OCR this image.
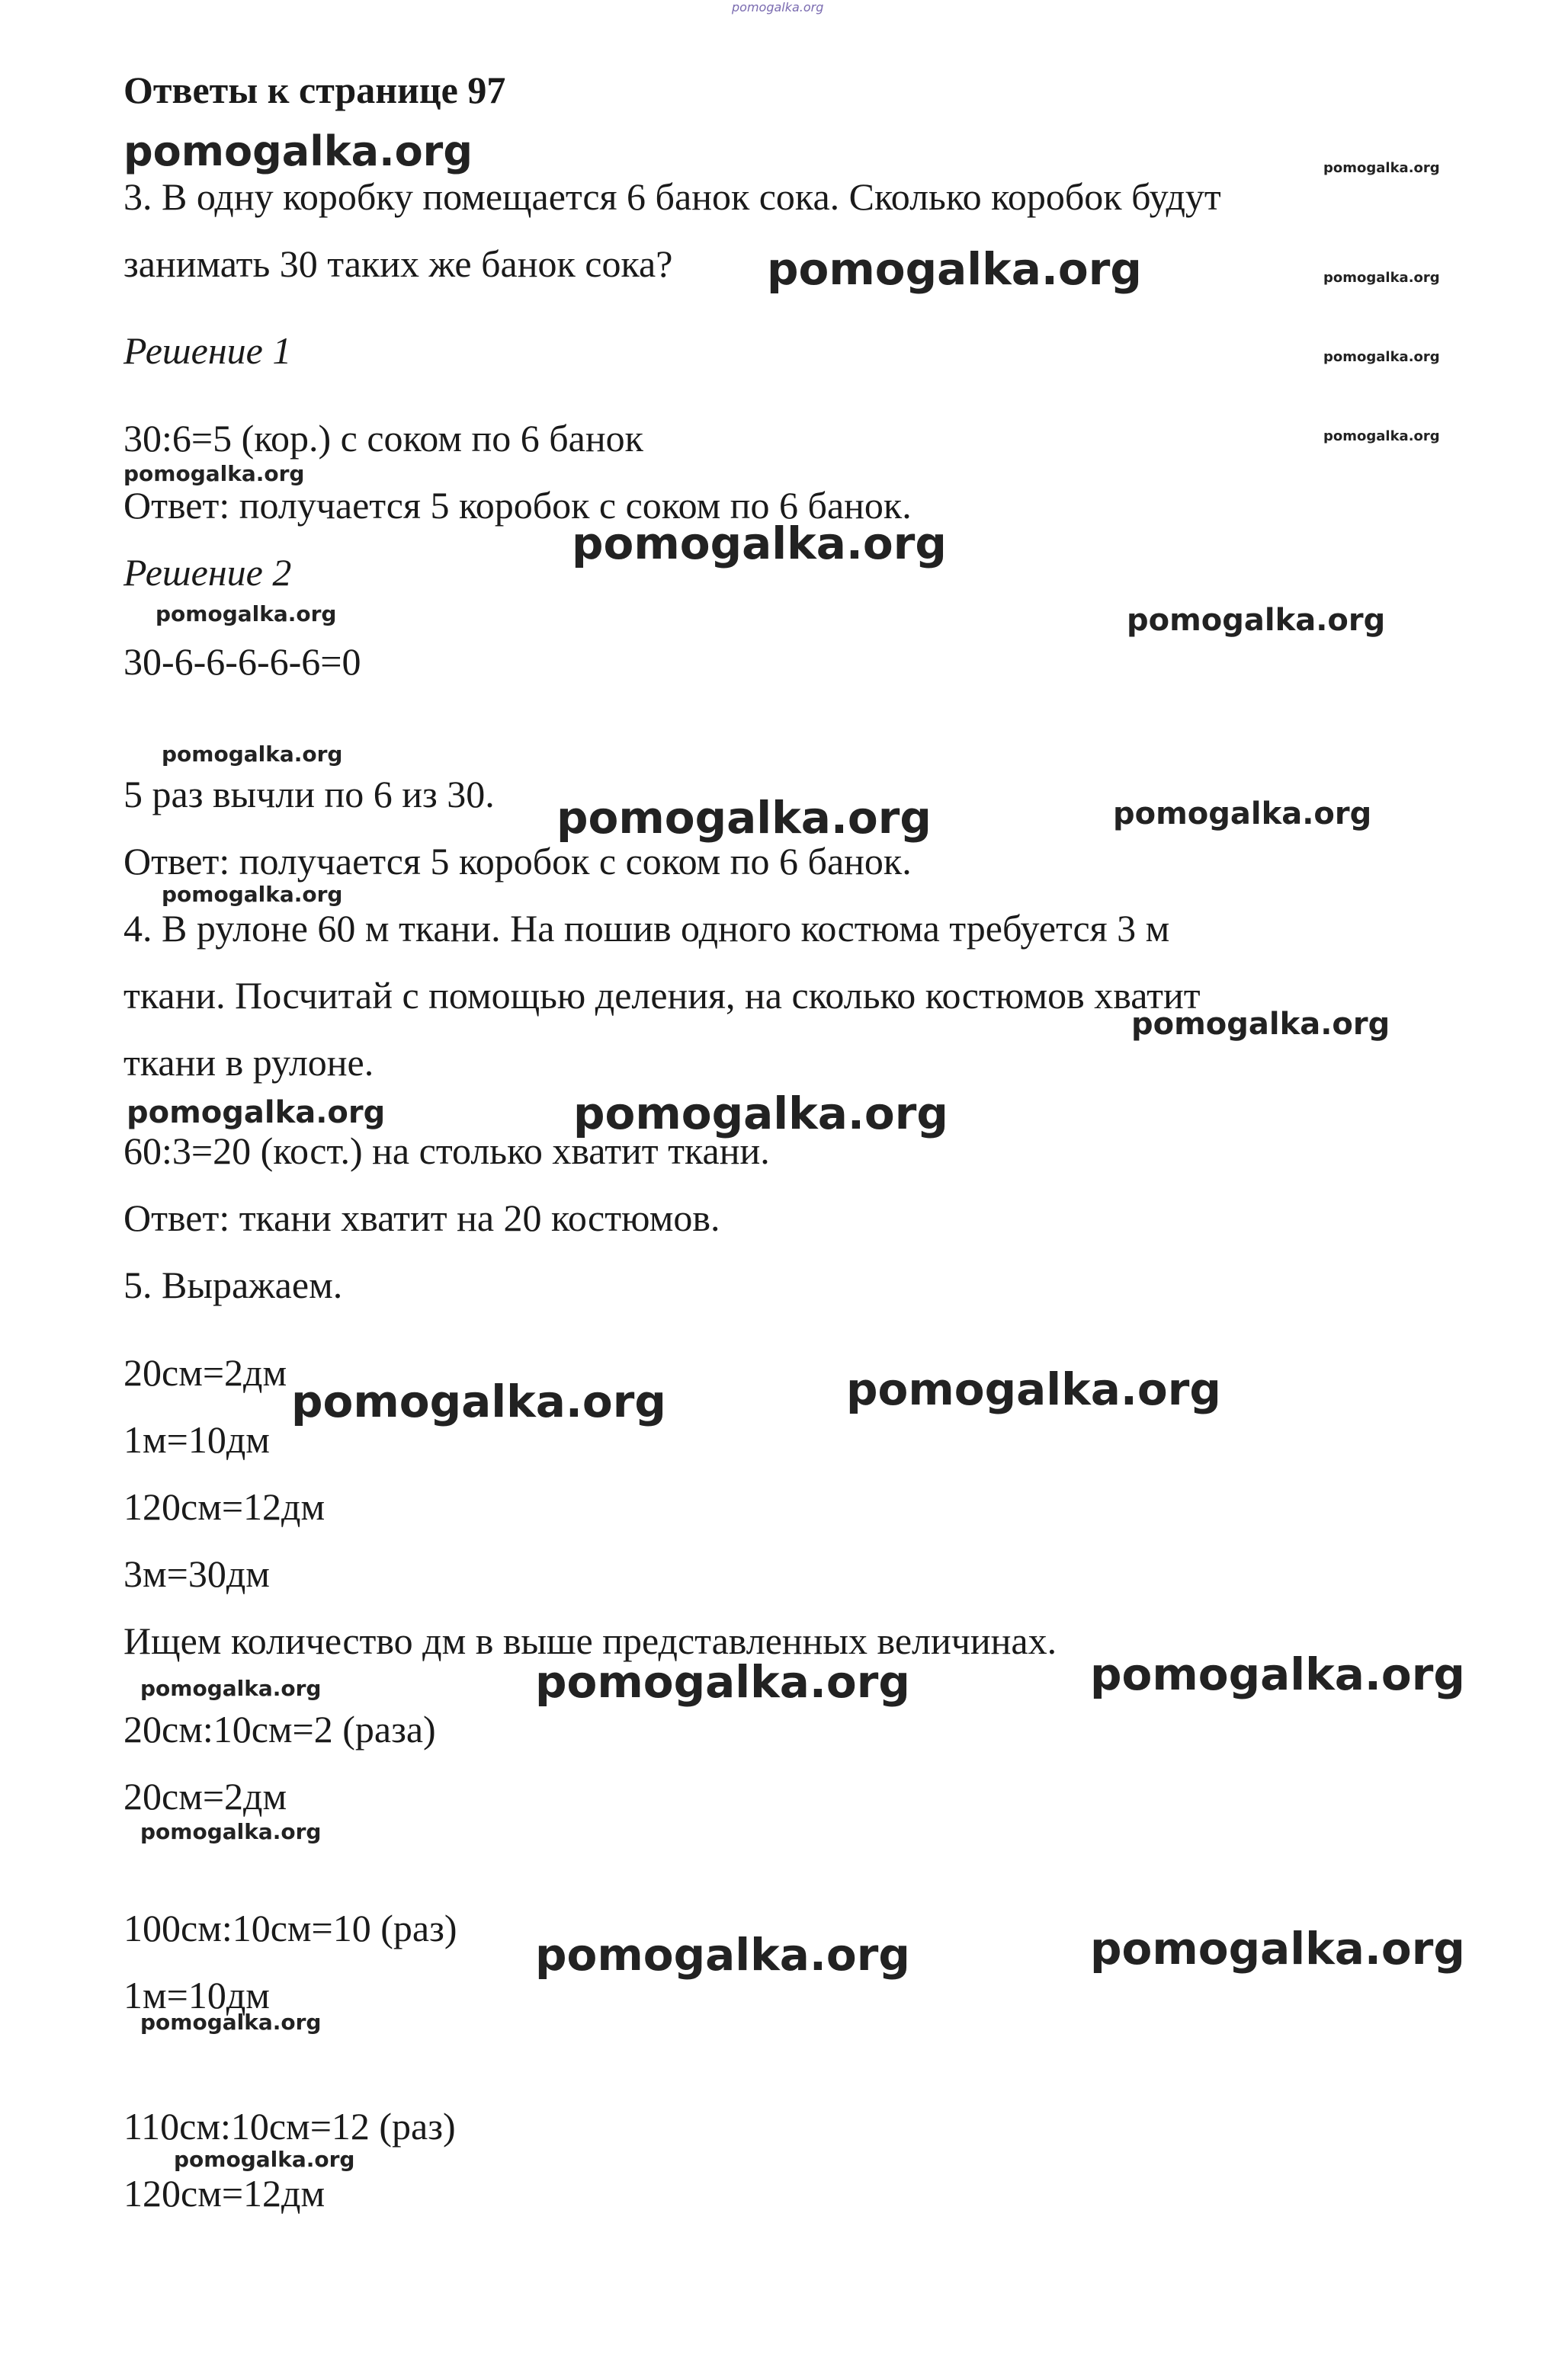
pomogalka.org
Ответы к странице 97
pomogalka.org
3. В одну коробку помещается 6 банок сока. Сколько коробок будут
занимать 30 таких же банок сока?
Решение 1
30:6=5 (кор.) с соком по 6 банок
Ответ: получается 5 коробок с соком по 6 банок.
Решение 2
30-6-6-6-6-6=0
5 раз вычли по 6 из 30.
Ответ: получается 5 коробок с соком по 6 банок.
4. В рулоне 60 м ткани. На пошив одного костюма требуется 3 м
ткани. Посчитай с помощью деления, на сколько костюмов хватит
ткани в рулоне.
60:3=20 (кост.) на столько хватит ткани.
Ответ: ткани хватит на 20 костюмов.
5. Выражаем.
20см=2дм
1м=10дм
120см=12дм
3м=30дм
Ищем количество дм в выше представленных величинах.
20см:10см=2 (раза)
20см=2дм
100см:10см=10 (раз)
1м=10дм
110см:10см=12 (раз)
120см=12дм
pomogalka.org
pomogalka.org	pomogalka.org
pomogalka.org
pomogalka.org
pomogalka.org
pomogalka.org
pomogalka.org	pomogalka.org
pomogalka.org
pomogalka.org	pomogalka.org
pomogalka.org
pomogalka.org
pomogalka.org	pomogalka.org
pomogalka.org
pomogalka.org
pomogalka.org	pomogalka.org	pomogalka.org
pomogalka.org
pomogalka.org	pomogalka.org
pomogalka.org
pomogalka.org
